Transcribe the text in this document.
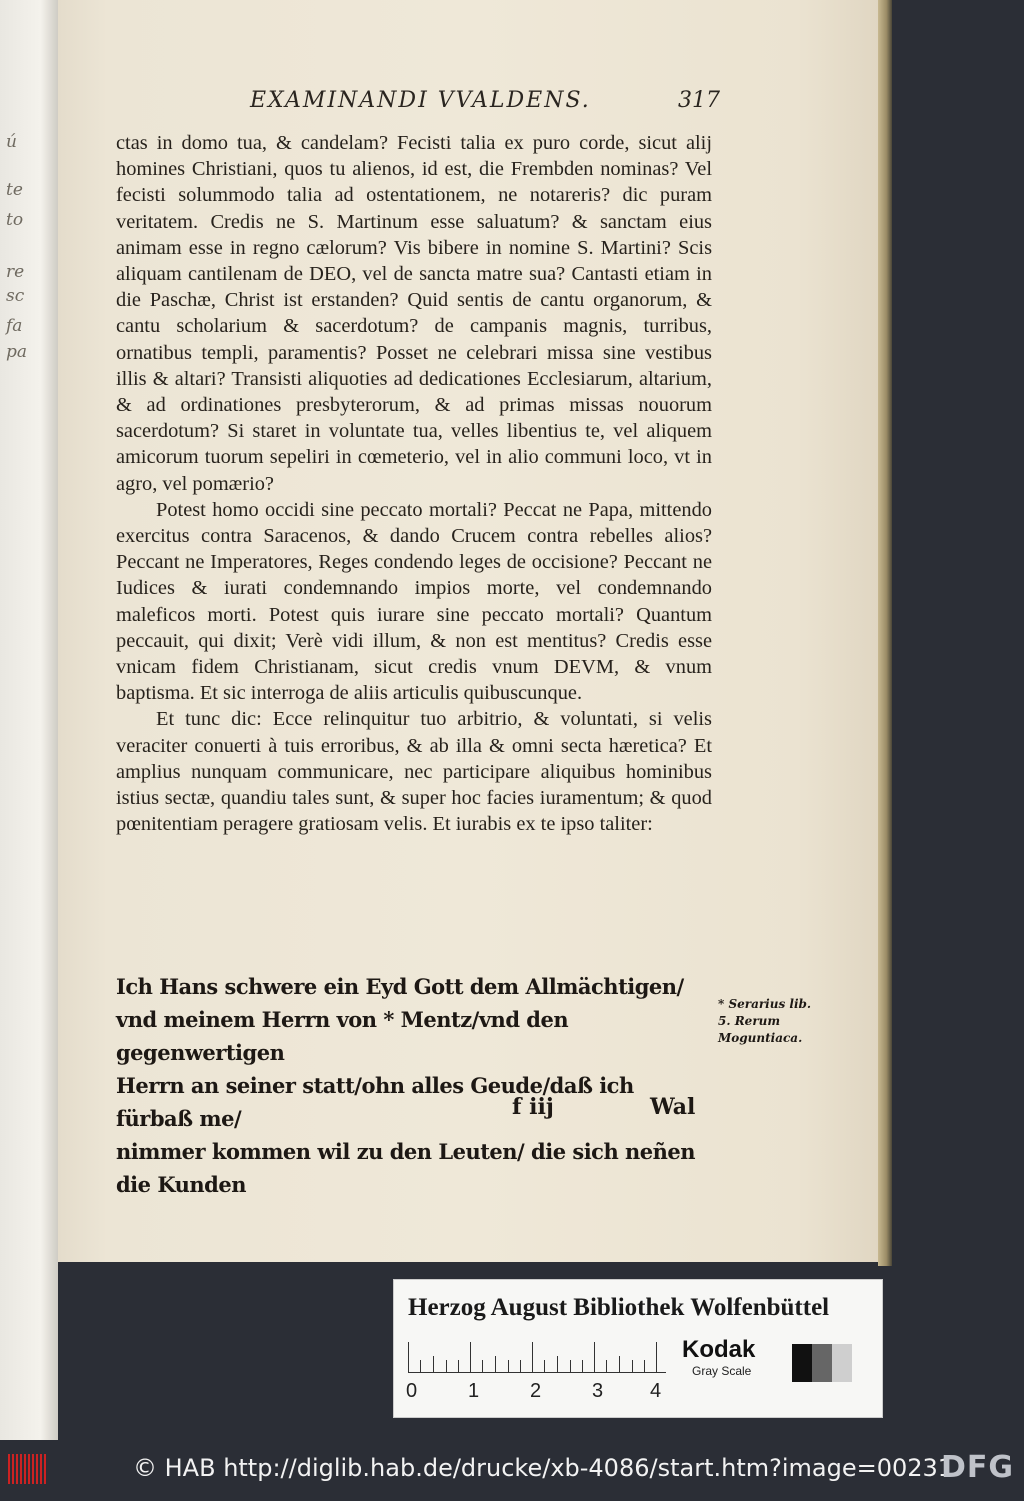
ú
te
to
re
sc
fa
pa
EXAMINANDI VVALDENS.	317

ctas in domo tua, & candelam? Fecisti talia ex puro corde, sicut alij homines Christiani, quos tu alienos, id est, die Frembden nominas? Vel fecisti solummodo talia ad ostentationem, ne notareris? dic puram veritatem. Credis ne S. Martinum esse saluatum? & sanctam eius animam esse in regno cælorum? Vis bibere in nomine S. Martini? Scis aliquam cantilenam de DEO, vel de sancta matre sua? Cantasti etiam in die Paschæ, Christ ist erstanden? Quid sentis de cantu organorum, & cantu scholarium & sacerdotum? de campanis magnis, turribus, ornatibus templi, paramentis? Posset ne celebrari missa sine vestibus illis & altari? Transisti aliquoties ad dedicationes Ecclesiarum, altarium, & ad ordinationes presbyterorum, & ad primas missas nouorum sacerdotum? Si staret in voluntate tua, velles libentius te, vel aliquem amicorum tuorum sepeliri in cœmeterio, vel in alio communi loco, vt in agro, vel pomærio?

Potest homo occidi sine peccato mortali? Peccat ne Papa, mittendo exercitus contra Saracenos, & dando Crucem contra rebelles alios? Peccant ne Imperatores, Reges condendo leges de occisione? Peccant ne Iudices & iurati condemnando impios morte, vel condemnando maleficos morti. Potest quis iurare sine peccato mortali? Quantum peccauit, qui dixit; Verè vidi illum, & non est mentitus? Credis esse vnicam fidem Christianam, sicut credis vnum DEVM, & vnum baptisma. Et sic interroga de aliis articulis quibuscunque.

Et tunc dic: Ecce relinquitur tuo arbitrio, & voluntati, si velis veraciter conuerti à tuis erroribus, & ab illa & omni secta hæretica? Et amplius nunquam communicare, nec participare aliquibus hominibus istius sectæ, quandiu tales sunt, & super hoc facies iuramentum; & quod pœnitentiam peragere gratiosam velis. Et iurabis ex te ipso taliter:

Ich Hans schwere ein Eyd Gott dem Allmächtigen/
vnd meinem Herrn von * Mentz/vnd den gegenwertigen
Herrn an seiner statt/ohn alles Geude/daß ich fürbaß me/
nimmer kommen wil zu den Leuten/ die sich neñen die Kunden
* Serarius lib. 5. Rerum Moguntiaca.
f iij	Wal
Herzog August Bibliothek Wolfenbüttel
0	1	2	3 4
Kodak
Gray Scale
© HAB http://diglib.hab.de/drucke/xb-4086/start.htm?image=00231
DFG
